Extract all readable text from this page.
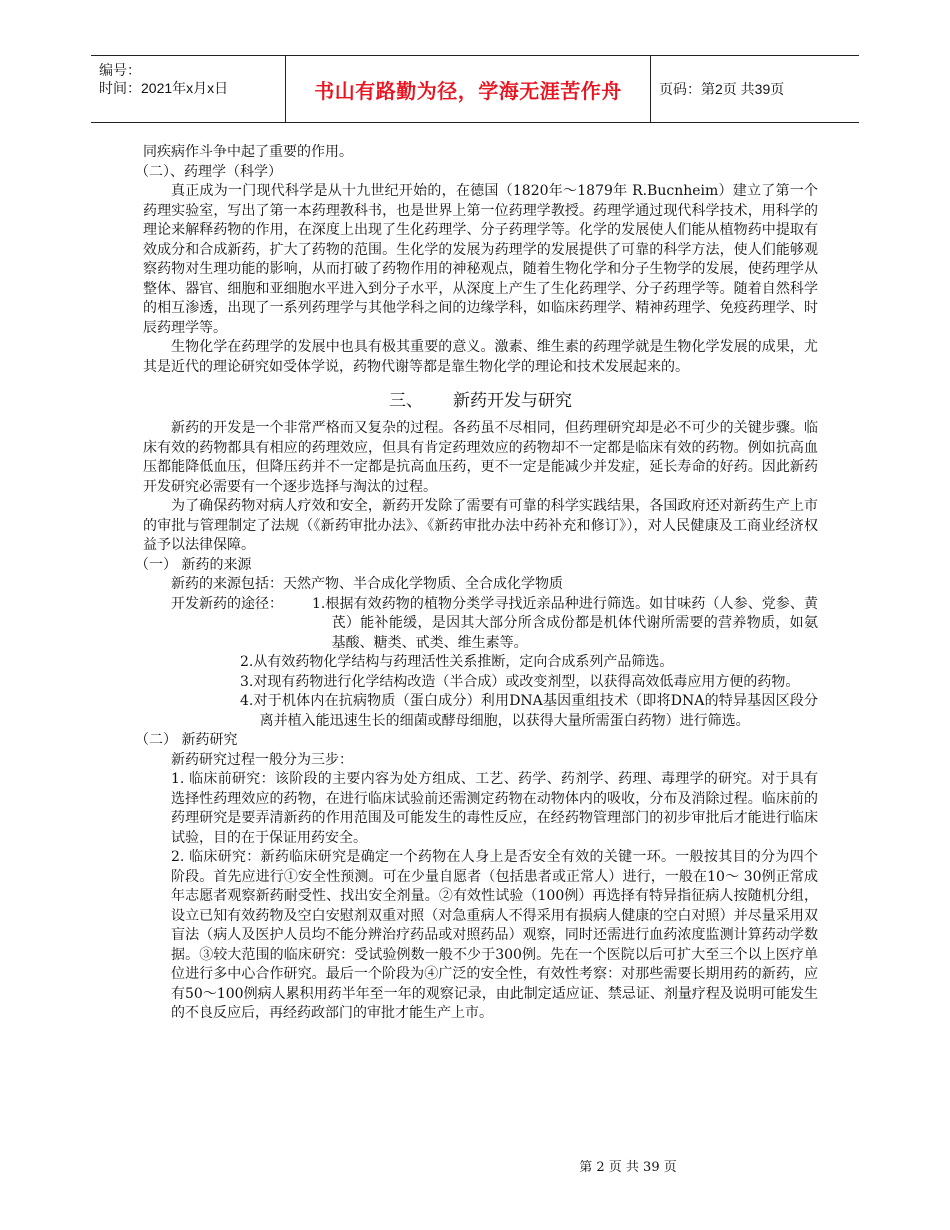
编号：
时间：2021年x月x日	书山有路勤为径，学海无涯苦作舟	页码：第2页 共39页

同疾病作斗争中起了重要的作用。

（二）、药理学（科学）

真正成为一门现代科学是从十九世纪开始的，在德国（1820年～1879年 R.Bucnheim）建立了第一个药理实验室，写出了第一本药理教科书，也是世界上第一位药理学教授。药理学通过现代科学技术，用科学的理论来解释药物的作用，在深度上出现了生化药理学、分子药理学等。化学的发展使人们能从植物药中提取有效成分和合成新药，扩大了药物的范围。生化学的发展为药理学的发展提供了可靠的科学方法，使人们能够观察药物对生理功能的影响，从而打破了药物作用的神秘观点，随着生物化学和分子生物学的发展，使药理学从整体、器官、细胞和亚细胞水平进入到分子水平，从深度上产生了生化药理学、分子药理学等。随着自然科学的相互渗透，出现了一系列药理学与其他学科之间的边缘学科，如临床药理学、精神药理学、免疫药理学、时辰药理学等。

生物化学在药理学的发展中也具有极其重要的意义。激素、维生素的药理学就是生物化学发展的成果，尤其是近代的理论研究如受体学说，药物代谢等都是靠生物化学的理论和技术发展起来的。

三、 新药开发与研究

新药的开发是一个非常严格而又复杂的过程。各药虽不尽相同，但药理研究却是必不可少的关键步骤。临床有效的药物都具有相应的药理效应，但具有肯定药理效应的药物却不一定都是临床有效的药物。例如抗高血压都能降低血压，但降压药并不一定都是抗高血压药，更不一定是能减少并发症，延长寿命的好药。因此新药开发研究必需要有一个逐步选择与淘汰的过程。

为了确保药物对病人疗效和安全，新药开发除了需要有可靠的科学实践结果，各国政府还对新药生产上市的审批与管理制定了法规（《新药审批办法》、《新药审批办法中药补充和修订》），对人民健康及工商业经济权益予以法律保障。

（一） 新药的来源

新药的来源包括：天然产物、半合成化学物质、全合成化学物质

开发新药的途径：	1.根据有效药物的植物分类学寻找近亲品种进行筛选。如甘味药（人参、党参、黄芪）能补能缓，是因其大部分所含成份都是机体代谢所需要的营养物质，如氨基酸、糖类、甙类、维生素等。

2.从有效药物化学结构与药理活性关系推断，定向合成系列产品筛选。

3.对现有药物进行化学结构改造（半合成）或改变剂型，以获得高效低毒应用方便的药物。

4.对于机体内在抗病物质（蛋白成分）利用DNA基因重组技术（即将DNA的特异基因区段分离并植入能迅速生长的细菌或酵母细胞，以获得大量所需蛋白药物）进行筛选。

（二） 新药研究

新药研究过程一般分为三步：

1. 临床前研究：该阶段的主要内容为处方组成、工艺、药学、药剂学、药理、毒理学的研究。对于具有选择性药理效应的药物，在进行临床试验前还需测定药物在动物体内的吸收，分布及消除过程。临床前的药理研究是要弄清新药的作用范围及可能发生的毒性反应，在经药物管理部门的初步审批后才能进行临床试验，目的在于保证用药安全。

2. 临床研究：新药临床研究是确定一个药物在人身上是否安全有效的关键一环。一般按其目的分为四个阶段。首先应进行①安全性预测。可在少量自愿者（包括患者或正常人）进行，一般在10～ 30例正常成年志愿者观察新药耐受性、找出安全剂量。②有效性试验（100例）再选择有特异指征病人按随机分组，设立已知有效药物及空白安慰剂双重对照（对急重病人不得采用有损病人健康的空白对照）并尽量采用双盲法（病人及医护人员均不能分辨治疗药品或对照药品）观察，同时还需进行血药浓度监测计算药动学数据。③较大范围的临床研究：受试验例数一般不少于300例。先在一个医院以后可扩大至三个以上医疗单位进行多中心合作研究。最后一个阶段为④广泛的安全性，有效性考察：对那些需要长期用药的新药，应有50～100例病人累积用药半年至一年的观察记录，由此制定适应证、禁忌证、剂量疗程及说明可能发生的不良反应后，再经药政部门的审批才能生产上市。

第 2 页 共 39 页
